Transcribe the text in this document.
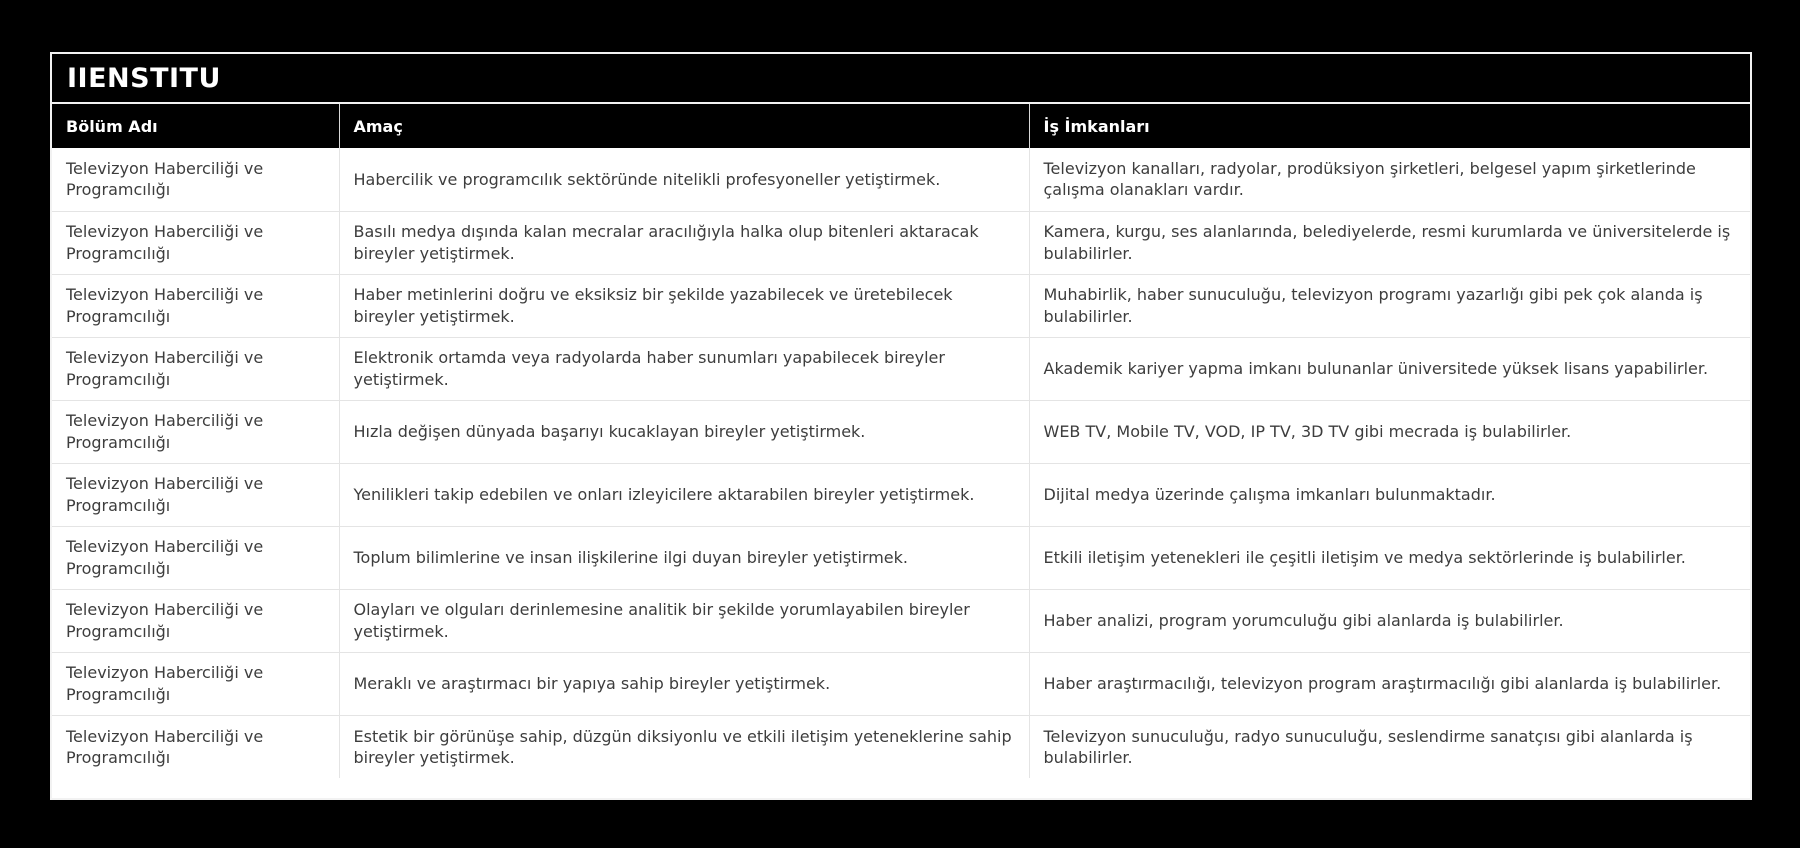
IIENSTITU
Bölüm Adı	Amaç	İş İmkanları
Televizyon Haberciliği ve Programcılığı	Habercilik ve programcılık sektöründe nitelikli profesyoneller yetiştirmek.	Televizyon kanalları, radyolar, prodüksiyon şirketleri, belgesel yapım şirketlerinde çalışma olanakları vardır.
Televizyon Haberciliği ve Programcılığı	Basılı medya dışında kalan mecralar aracılığıyla halka olup bitenleri aktaracak bireyler yetiştirmek.	Kamera, kurgu, ses alanlarında, belediyelerde, resmi kurumlarda ve üniversitelerde iş bulabilirler.
Televizyon Haberciliği ve Programcılığı	Haber metinlerini doğru ve eksiksiz bir şekilde yazabilecek ve üretebilecek bireyler yetiştirmek.	Muhabirlik, haber sunuculuğu, televizyon programı yazarlığı gibi pek çok alanda iş bulabilirler.
Televizyon Haberciliği ve Programcılığı	Elektronik ortamda veya radyolarda haber sunumları yapabilecek bireyler yetiştirmek.	Akademik kariyer yapma imkanı bulunanlar üniversitede yüksek lisans yapabilirler.
Televizyon Haberciliği ve Programcılığı	Hızla değişen dünyada başarıyı kucaklayan bireyler yetiştirmek.	WEB TV, Mobile TV, VOD, IP TV, 3D TV gibi mecrada iş bulabilirler.
Televizyon Haberciliği ve Programcılığı	Yenilikleri takip edebilen ve onları izleyicilere aktarabilen bireyler yetiştirmek.	Dijital medya üzerinde çalışma imkanları bulunmaktadır.
Televizyon Haberciliği ve Programcılığı	Toplum bilimlerine ve insan ilişkilerine ilgi duyan bireyler yetiştirmek.	Etkili iletişim yetenekleri ile çeşitli iletişim ve medya sektörlerinde iş bulabilirler.
Televizyon Haberciliği ve Programcılığı	Olayları ve olguları derinlemesine analitik bir şekilde yorumlayabilen bireyler yetiştirmek.	Haber analizi, program yorumculuğu gibi alanlarda iş bulabilirler.
Televizyon Haberciliği ve Programcılığı	Meraklı ve araştırmacı bir yapıya sahip bireyler yetiştirmek.	Haber araştırmacılığı, televizyon program araştırmacılığı gibi alanlarda iş bulabilirler.
Televizyon Haberciliği ve Programcılığı	Estetik bir görünüşe sahip, düzgün diksiyonlu ve etkili iletişim yeteneklerine sahip bireyler yetiştirmek.	Televizyon sunuculuğu, radyo sunuculuğu, seslendirme sanatçısı gibi alanlarda iş bulabilirler.
